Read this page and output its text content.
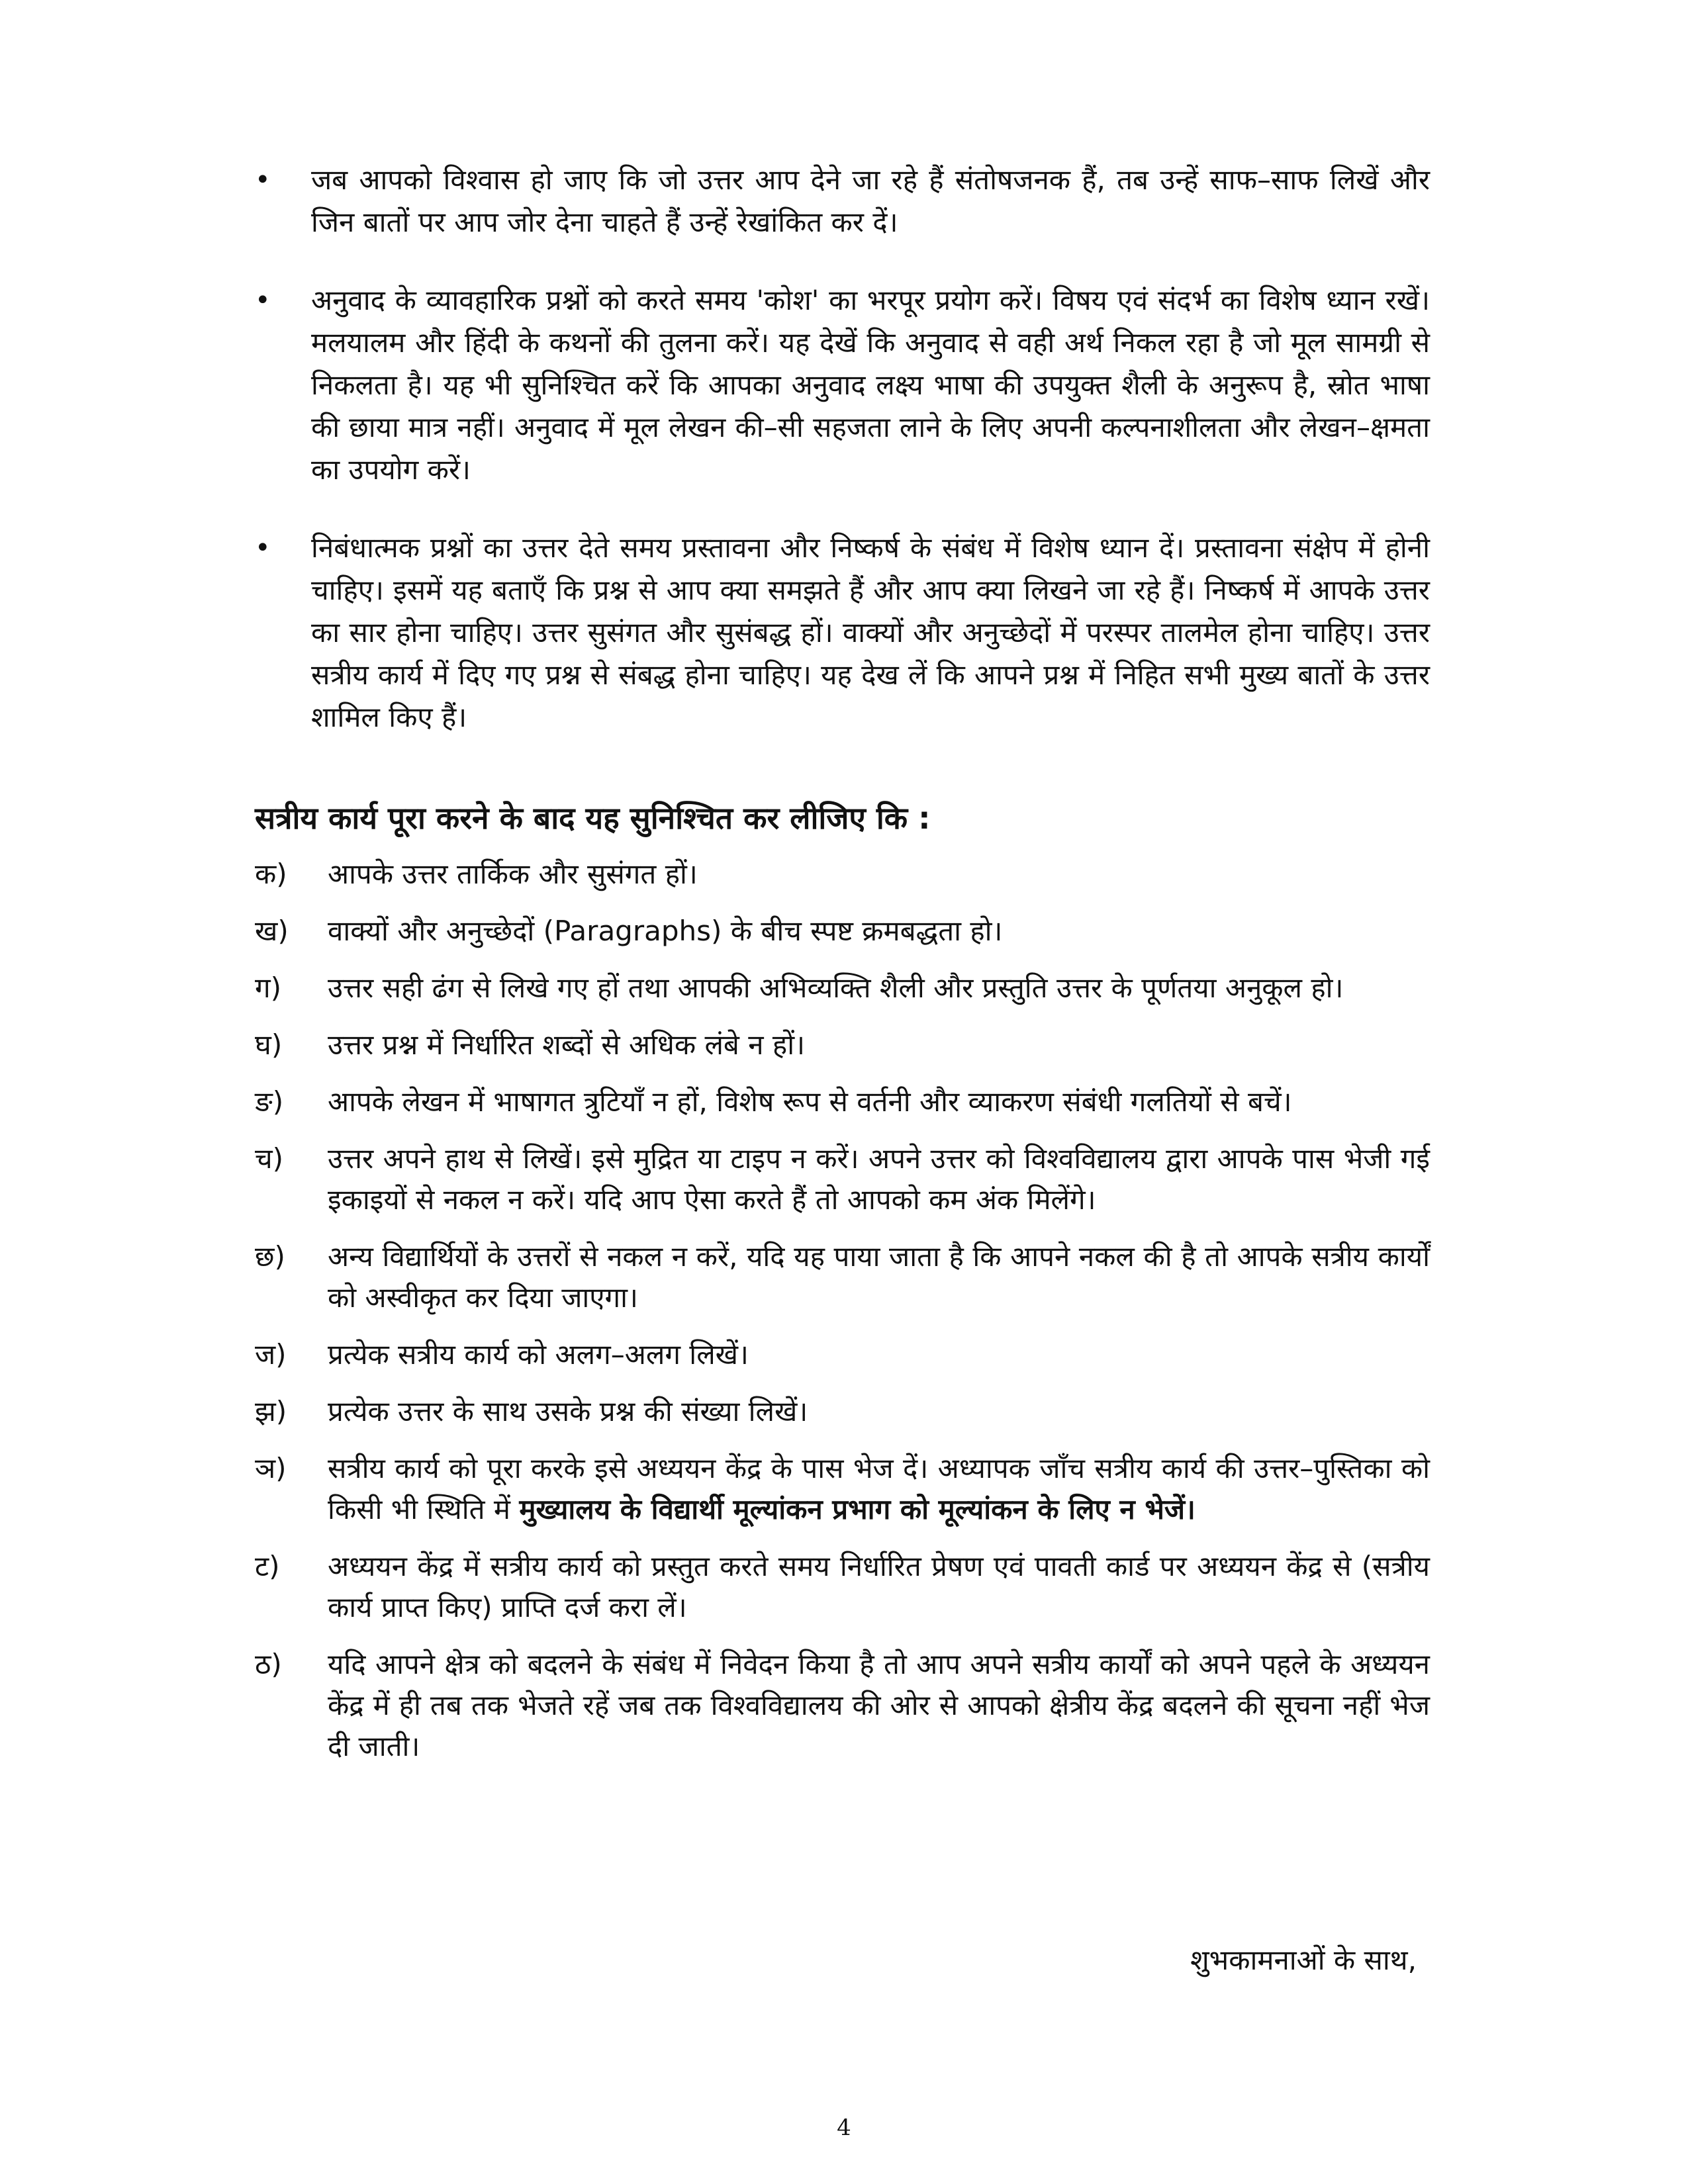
•	जब आपको विश्वास हो जाए कि जो उत्तर आप देने जा रहे हैं संतोषजनक हैं, तब उन्हें साफ–साफ लिखें और जिन बातों पर आप जोर देना चाहते हैं उन्हें रेखांकित कर दें।
•	अनुवाद के व्यावहारिक प्रश्नों को करते समय 'कोश' का भरपूर प्रयोग करें। विषय एवं संदर्भ का विशेष ध्यान रखें। मलयालम और हिंदी के कथनों की तुलना करें। यह देखें कि अनुवाद से वही अर्थ निकल रहा है जो मूल सामग्री से निकलता है। यह भी सुनिश्चित करें कि आपका अनुवाद लक्ष्य भाषा की उपयुक्त शैली के अनुरूप है, स्रोत भाषा की छाया मात्र नहीं। अनुवाद में मूल लेखन की–सी सहजता लाने के लिए अपनी कल्पनाशीलता और लेखन–क्षमता का उपयोग करें।
•	निबंधात्मक प्रश्नों का उत्तर देते समय प्रस्तावना और निष्कर्ष के संबंध में विशेष ध्यान दें। प्रस्तावना संक्षेप में होनी चाहिए। इसमें यह बताएँ कि प्रश्न से आप क्या समझते हैं और आप क्या लिखने जा रहे हैं। निष्कर्ष में आपके उत्तर का सार होना चाहिए। उत्तर सुसंगत और सुसंबद्ध हों। वाक्यों और अनुच्छेदों में परस्पर तालमेल होना चाहिए। उत्तर सत्रीय कार्य में दिए गए प्रश्न से संबद्ध होना चाहिए। यह देख लें कि आपने प्रश्न में निहित सभी मुख्य बातों के उत्तर शामिल किए हैं।
सत्रीय कार्य पूरा करने के बाद यह सुनिश्चित कर लीजिए कि :
क)	आपके उत्तर तार्किक और सुसंगत हों।
ख)	वाक्यों और अनुच्छेदों (Paragraphs) के बीच स्पष्ट क्रमबद्धता हो।
ग)	उत्तर सही ढंग से लिखे गए हों तथा आपकी अभिव्यक्ति शैली और प्रस्तुति उत्तर के पूर्णतया अनुकूल हो।
घ)	उत्तर प्रश्न में निर्धारित शब्दों से अधिक लंबे न हों।
ङ)	आपके लेखन में भाषागत त्रुटियाँ न हों, विशेष रूप से वर्तनी और व्याकरण संबंधी गलतियों से बचें।
च)	उत्तर अपने हाथ से लिखें। इसे मुद्रित या टाइप न करें। अपने उत्तर को विश्वविद्यालय द्वारा आपके पास भेजी गई इकाइयों से नकल न करें। यदि आप ऐसा करते हैं तो आपको कम अंक मिलेंगे।
छ)	अन्य विद्यार्थियों के उत्तरों से नकल न करें, यदि यह पाया जाता है कि आपने नकल की है तो आपके सत्रीय कार्यों को अस्वीकृत कर दिया जाएगा।
ज)	प्रत्येक सत्रीय कार्य को अलग–अलग लिखें।
झ)	प्रत्येक उत्तर के साथ उसके प्रश्न की संख्या लिखें।
ञ)	सत्रीय कार्य को पूरा करके इसे अध्ययन केंद्र के पास भेज दें। अध्यापक जाँच सत्रीय कार्य की उत्तर–पुस्तिका को किसी भी स्थिति में मुख्यालय के विद्यार्थी मूल्यांकन प्रभाग को मूल्यांकन के लिए न भेजें।
ट)	अध्ययन केंद्र में सत्रीय कार्य को प्रस्तुत करते समय निर्धारित प्रेषण एवं पावती कार्ड पर अध्ययन केंद्र से (सत्रीय कार्य प्राप्त किए) प्राप्ति दर्ज करा लें।
ठ)	यदि आपने क्षेत्र को बदलने के संबंध में निवेदन किया है तो आप अपने सत्रीय कार्यों को अपने पहले के अध्ययन केंद्र में ही तब तक भेजते रहें जब तक विश्वविद्यालय की ओर से आपको क्षेत्रीय केंद्र बदलने की सूचना नहीं भेज दी जाती।
शुभकामनाओं के साथ,
4
